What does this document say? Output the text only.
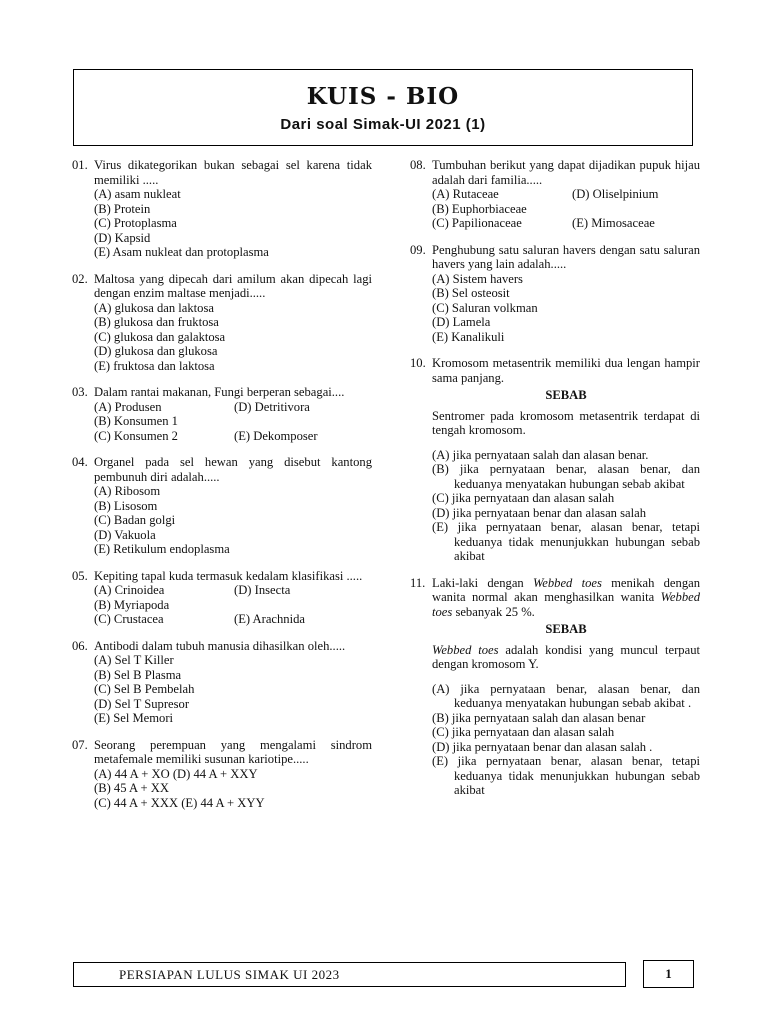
KUIS - BIO
Dari soal Simak-UI 2021 (1)
01. Virus dikategorikan bukan sebagai sel karena tidak memiliki .....
(A) asam nukleat
(B) Protein
(C) Protoplasma
(D) Kapsid
(E) Asam nukleat dan protoplasma
02. Maltosa yang dipecah dari amilum akan dipecah lagi dengan enzim maltase menjadi.....
(A) glukosa dan laktosa
(B) glukosa dan fruktosa
(C) glukosa dan galaktosa
(D) glukosa dan glukosa
(E) fruktosa dan laktosa
03. Dalam rantai makanan, Fungi berperan sebagai....
(A) Produsen	(D) Detritivora
(B) Konsumen 1
(C) Konsumen 2	(E) Dekomposer
04. Organel pada sel hewan yang disebut kantong pembunuh diri adalah.....
(A) Ribosom
(B) Lisosom
(C) Badan golgi
(D) Vakuola
(E) Retikulum endoplasma
05. Kepiting tapal kuda termasuk kedalam klasifikasi .....
(A) Crinoidea	(D) Insecta
(B) Myriapoda
(C) Crustacea	(E) Arachnida
06. Antibodi dalam tubuh manusia dihasilkan oleh.....
(A) Sel T Killer
(B) Sel B Plasma
(C) Sel B Pembelah
(D) Sel T Supresor
(E) Sel Memori
07. Seorang perempuan yang mengalami sindrom metafemale memiliki susunan kariotipe.....
(A) 44 A + XO (D) 44 A + XXY
(B) 45 A + XX
(C) 44 A + XXX (E) 44 A + XYY
08. Tumbuhan berikut yang dapat dijadikan pupuk hijau adalah dari familia.....
(A) Rutaceae	(D) Oliselpinium
(B) Euphorbiaceae
(C) Papilionaceae	(E) Mimosaceae
09. Penghubung satu saluran havers dengan satu saluran havers yang lain adalah.....
(A) Sistem havers
(B) Sel osteosit
(C) Saluran volkman
(D) Lamela
(E) Kanalikuli
10. Kromosom metasentrik memiliki dua lengan hampir sama panjang.
SEBAB
Sentromer pada kromosom metasentrik terdapat di tengah kromosom.
(A) jika pernyataan salah dan alasan benar.
(B) jika pernyataan benar, alasan benar, dan keduanya menyatakan hubungan sebab akibat
(C) jika pernyataan dan alasan salah
(D) jika pernyataan benar dan alasan salah
(E) jika pernyataan benar, alasan benar, tetapi keduanya tidak menunjukkan hubungan sebab akibat
11. Laki-laki dengan Webbed toes menikah dengan wanita normal akan menghasilkan wanita Webbed toes sebanyak 25 %.
SEBAB
Webbed toes adalah kondisi yang muncul terpaut dengan kromosom Y.
(A) jika pernyataan benar, alasan benar, dan keduanya menyatakan hubungan sebab akibat .
(B) jika pernyataan salah dan alasan benar
(C) jika pernyataan dan alasan salah
(D) jika pernyataan benar dan alasan salah .
(E) jika pernyataan benar, alasan benar, tetapi keduanya tidak menunjukkan hubungan sebab akibat
PERSIAPAN LULUS SIMAK UI 2023	1
